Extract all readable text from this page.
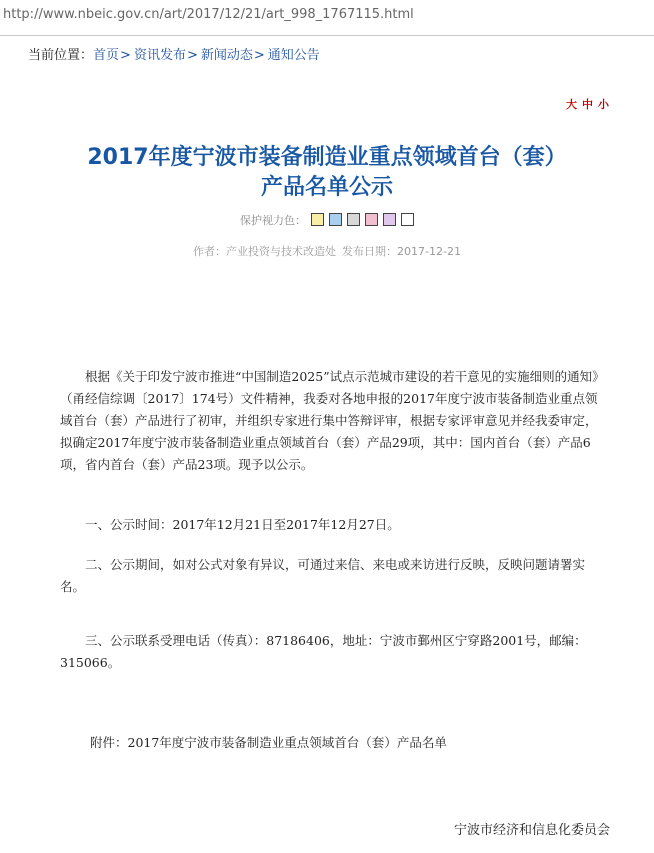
http://www.nbeic.gov.cn/art/2017/12/21/art_998_1767115.html
当前位置：首页> 资讯发布> 新闻动态> 通知公告
大 中 小
2017年度宁波市装备制造业重点领域首台（套）
产品名单公示
保护视力色：
作者：产业投资与技术改造处 发布日期：2017-12-21

根据《关于印发宁波市推进“中国制造2025”试点示范城市建设的若干意见的实施细则的通知》（甬经信综调〔2017〕174号）文件精神，我委对各地申报的2017年度宁波市装备制造业重点领域首台（套）产品进行了初审，并组织专家进行集中答辩评审，根据专家评审意见并经我委审定，拟确定2017年度宁波市装备制造业重点领域首台（套）产品29项，其中：国内首台（套）产品6项，省内首台（套）产品23项。现予以公示。

一、公示时间：2017年12月21日至2017年12月27日。

二、公示期间，如对公式对象有异议，可通过来信、来电或来访进行反映，反映问题请署实名。

三、公示联系受理电话（传真）：87186406，地址：宁波市鄞州区宁穿路2001号，邮编：315066。

附件：2017年度宁波市装备制造业重点领域首台（套）产品名单
宁波市经济和信息化委员会
